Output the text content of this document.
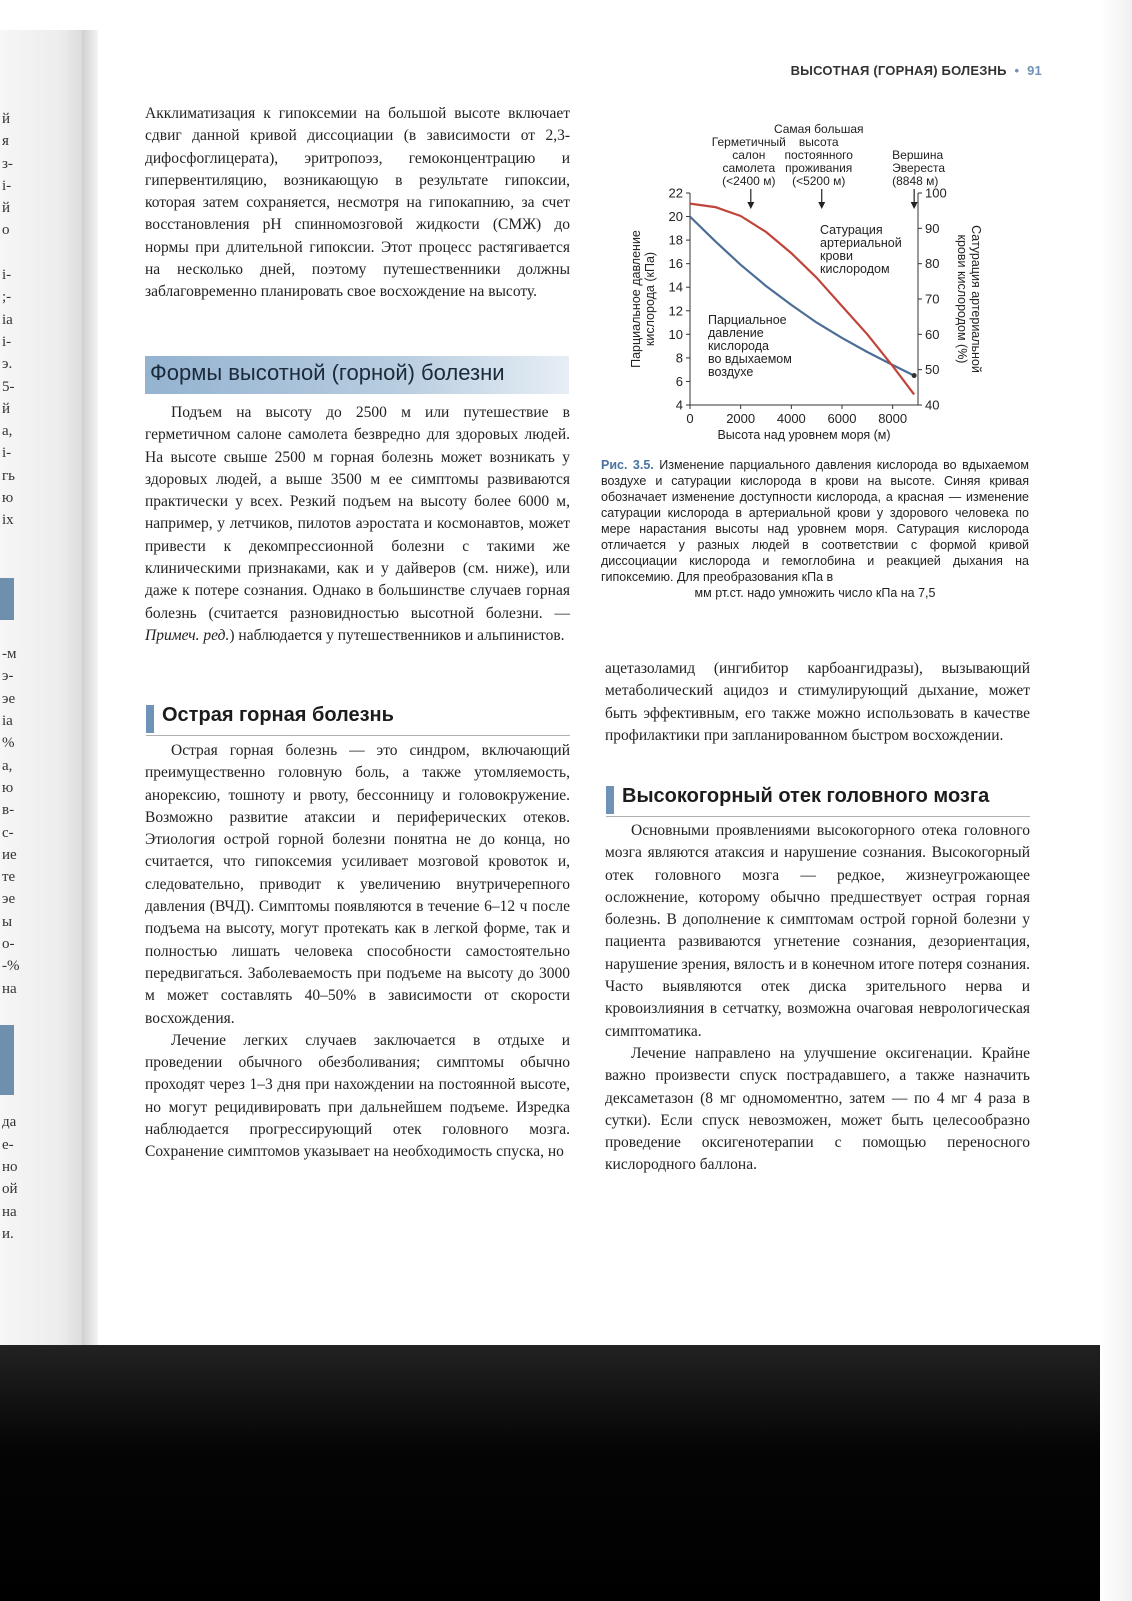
й
я
з-
і-
й
о
і-
;-
ia
і-
э.
5-
й
а,
і-
гь
ю
іх
-м
э-
эе
іа
%
а,
ю
в-
с-
ие
те
эе
ы
о-
-%
на
да
е-
но
ой
на
и.
ВЫСОТНАЯ (ГОРНАЯ) БОЛЕЗНЬ • 91

Акклиматизация к гипоксемии на большой высоте включает сдвиг данной кривой диссоциации (в зависимости от 2,3-дифосфоглицерата), эритропоэз, гемоконцентрацию и гипервентиляцию, возникающую в результате гипоксии, которая затем сохраняется, несмотря на гипокапнию, за счет восстановления pH спинномозговой жидкости (СМЖ) до нормы при длительной гипоксии. Этот процесс растягивается на несколько дней, поэтому путешественники должны заблаговременно планировать свое восхождение на высоту.

Формы высотной (горной) болезни

Подъем на высоту до 2500 м или путешествие в герметичном салоне самолета безвредно для здоровых людей. На высоте свыше 2500 м горная болезнь может возникать у здоровых людей, а выше 3500 м ее симптомы развиваются практически у всех. Резкий подъем на высоту более 6000 м, например, у летчиков, пилотов аэростата и космонавтов, может привести к декомпрессионной болезни с такими же клиническими признаками, как и у дайверов (см. ниже), или даже к потере сознания. Однако в большинстве случаев горная болезнь (считается разновидностью высотной болезни. — Примеч. ред.) наблюдается у путешественников и альпинистов.

Острая горная болезнь

Острая горная болезнь — это синдром, включающий преимущественно головную боль, а также утомляемость, анорексию, тошноту и рвоту, бессонницу и головокружение. Возможно развитие атаксии и периферических отеков. Этиология острой горной болезни понятна не до конца, но считается, что гипоксемия усиливает мозговой кровоток и, следовательно, приводит к увеличению внутричерепного давления (ВЧД). Симптомы появляются в течение 6–12 ч после подъема на высоту, могут протекать как в легкой форме, так и полностью лишать человека способности самостоятельно передвигаться. Заболеваемость при подъеме на высоту до 3000 м может составлять 40–50% в зависимости от скорости восхождения.

Лечение легких случаев заключается в отдыхе и проведении обычного обезболивания; симптомы обычно проходят через 1–3 дня при нахождении на постоянной высоте, но могут рецидивировать при дальнейшем подъеме. Изредка наблюдается прогрессирующий отек головного мозга. Сохранение симптомов указывает на необходимость спуска, но

4
6
8
10
12
14
16
18
20
22
40
50
60
70
80
90
100
0	2000 4000 6000 8000
Высота над уровнем моря (м)
Парциальное давлениекислорода (кПа)	Сатурация артериальнойкрови кислородом (%)
Герметичный
салон
самолета
(<2400 м)
Самая большая
высота
постоянного
проживания
(<5200 м)
Вершина
Эвереста
(8848 м)
Парциальное
давление
кислорода
во вдыхаемом
воздухе
Сатурация
артериальной
крови
кислородом
Рис. 3.5. Изменение парциального давления кислорода во вдыхаемом воздухе и сатурации кислорода в крови на высоте. Синяя кривая обозначает изменение доступности кислорода, а красная — изменение сатурации кислорода в артериальной крови у здорового человека по мере нарастания высоты над уровнем моря. Сатурация кислорода отличается у разных людей в соответствии с формой кривой диссоциации кислорода и гемоглобина и реакцией дыхания на гипоксемию. Для преобразования кПа в
мм рт.ст. надо умножить число кПа на 7,5

ацетазоламид (ингибитор карбоангидразы), вызывающий метаболический ацидоз и стимулирующий дыхание, может быть эффективным, его также можно использовать в качестве профилактики при запланированном быстром восхождении.

Высокогорный отек головного мозга

Основными проявлениями высокогорного отека головного мозга являются атаксия и нарушение сознания. Высокогорный отек головного мозга — редкое, жизнеугрожающее осложнение, которому обычно предшествует острая горная болезнь. В дополнение к симптомам острой горной болезни у пациента развиваются угнетение сознания, дезориентация, нарушение зрения, вялость и в конечном итоге потеря сознания. Часто выявляются отек диска зрительного нерва и кровоизлияния в сетчатку, возможна очаговая неврологическая симптоматика.

Лечение направлено на улучшение оксигенации. Крайне важно произвести спуск пострадавшего, а также назначить дексаметазон (8 мг одномоментно, затем — по 4 мг 4 раза в сутки). Если спуск невозможен, может быть целесообразно проведение оксигенотерапии с помощью переносного кислородного баллона.
